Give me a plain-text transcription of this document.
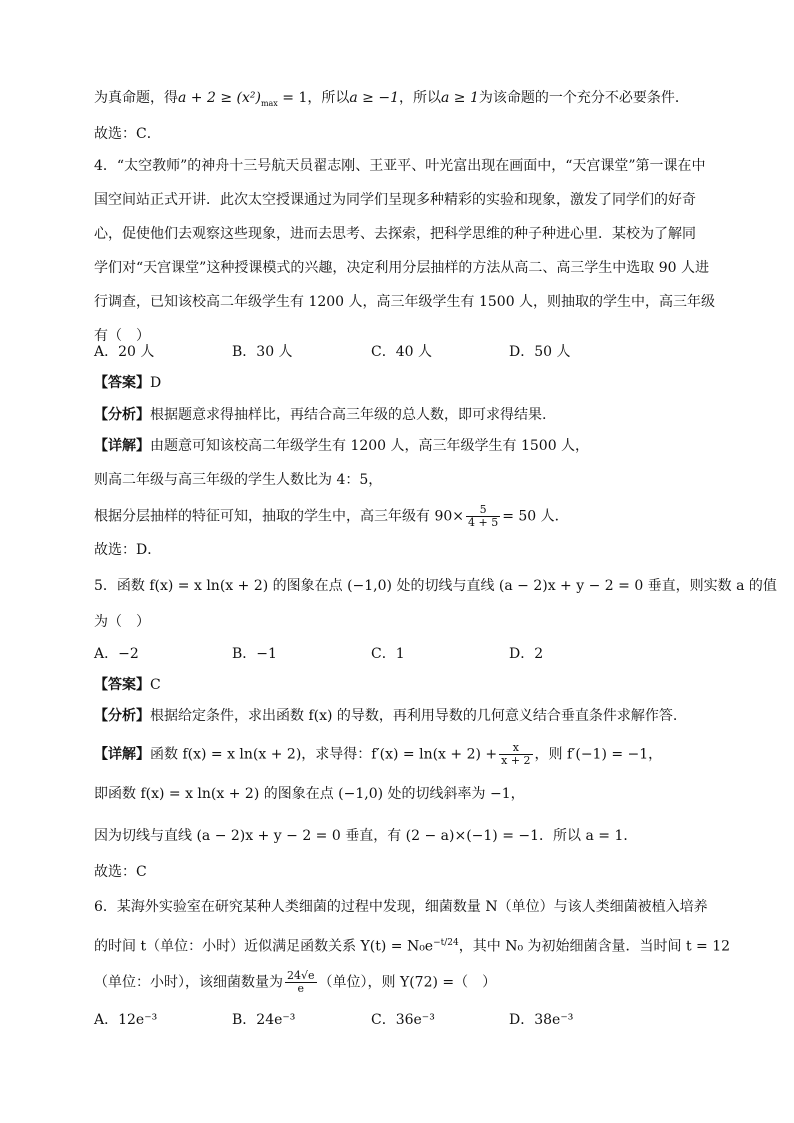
为真命题，得$a + 2 \ge (x^2)_{max} = 1$，所以a ≥ −1，所以a ≥ 1为该命题的一个充分不必要条件．
故选：C．
4．“太空教师”的神舟十三号航天员翟志刚、王亚平、叶光富出现在画面中，“天宫课堂”第一课在中
国空间站正式开讲．此次太空授课通过为同学们呈现多种精彩的实验和现象，激发了同学们的好奇
心，促使他们去观察这些现象，进而去思考、去探索，把科学思维的种子种进心里．某校为了解同
学们对“天宫课堂”这种授课模式的兴趣，决定利用分层抽样的方法从高二、高三学生中选取 90 人进
行调查，已知该校高二年级学生有 1200 人，高三年级学生有 1500 人，则抽取的学生中，高三年级
有（　）
A．20 人	B．30 人	C．40 人	D．50 人
【答案】D
【分析】根据题意求得抽样比，再结合高三年级的总人数，即可求得结果.
【详解】由题意可知该校高二年级学生有 1200 人，高三年级学生有 1500 人，
则高二年级与高三年级的学生人数比为 4：5，
根据分层抽样的特征可知，抽取的学生中，高三年级有 $90\times \frac{5}{4 + 5} = 50$ 人．
故选：D．
5．函数 f(x) = x ln(x + 2) 的图象在点 (−1,0) 处的切线与直线 (a − 2)x + y − 2 = 0 垂直，则实数 a 的值
为（　）
A．−2	B．−1	C．1	D．2
【答案】C
【分析】根据给定条件，求出函数 f(x) 的导数，再利用导数的几何意义结合垂直条件求解作答.
【详解】函数 f(x) = x ln(x + 2)，求导得：$f'(x) = \ln(x + 2) + \frac{x}{x + 2}$ ，则 f′(−1) = −1，
即函数 f(x) = x ln(x + 2) 的图象在点 (−1,0) 处的切线斜率为 −1，
因为切线与直线 (a − 2)x + y − 2 = 0 垂直，有 (2 − a)×(−1) = −1．所以 a = 1．
故选：C
6．某海外实验室在研究某种人类细菌的过程中发现，细菌数量 N（单位）与该人类细菌被植入培养
的时间 t（单位：小时）近似满足函数关系 $Y(t) = N_0e^{-t/24}$，其中 N₀ 为初始细菌含量．当时间 t = 12
（单位：小时），该细菌数量为 $\frac{24√e}{e}$ （单位），则 Y(72) =（　）
A．12e⁻³	B．24e⁻³	C．36e⁻³	D．38e⁻³
